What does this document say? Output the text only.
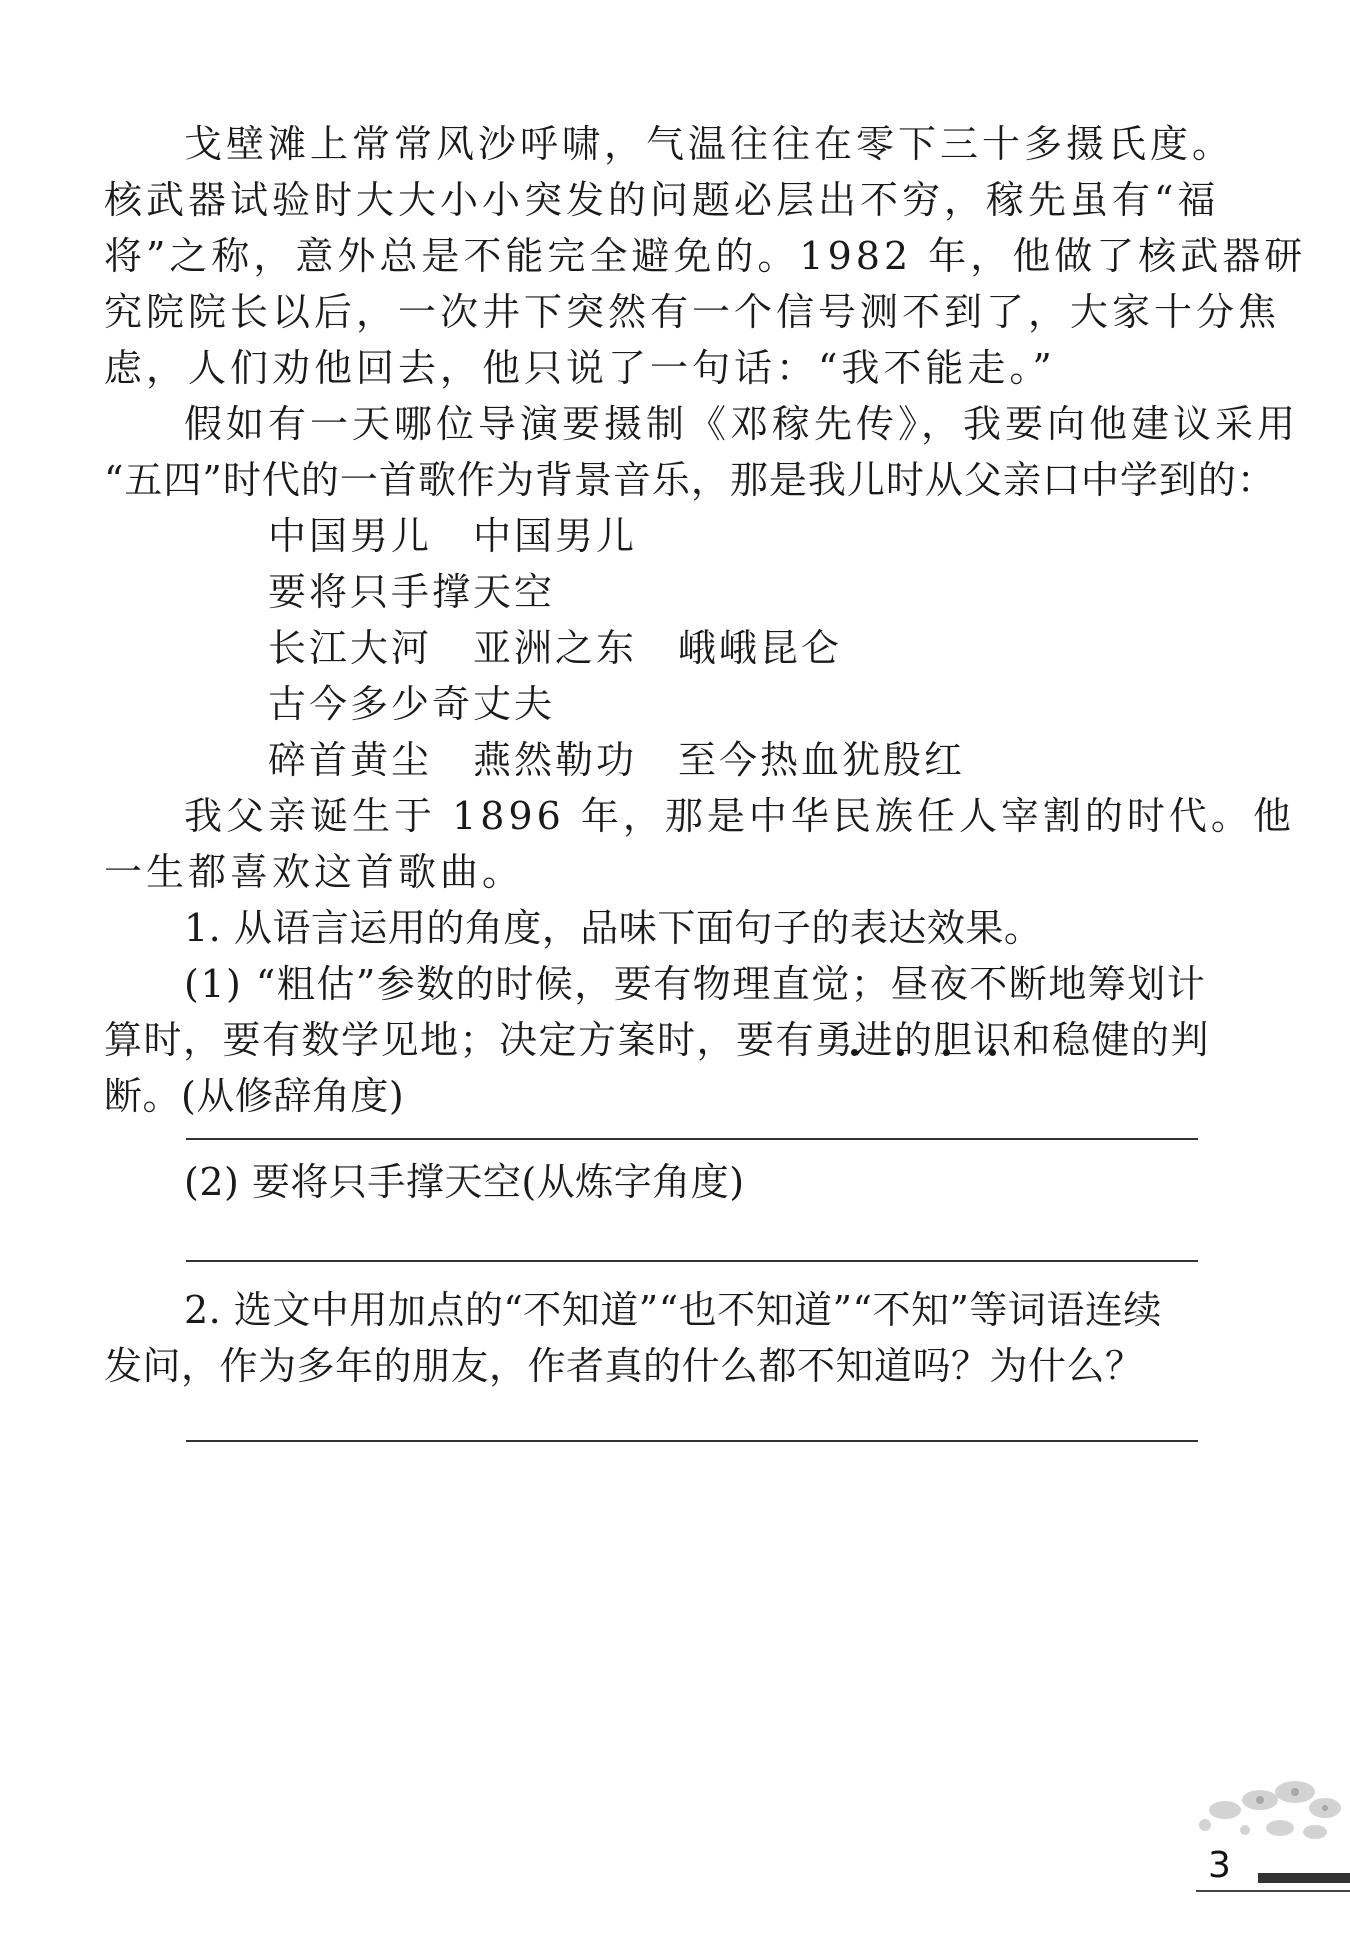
戈壁滩上常常风沙呼啸，气温往往在零下三十多摄氏度。
核武器试验时大大小小突发的问题必层出不穷，稼先虽有“福
将”之称，意外总是不能完全避免的。1982 年，他做了核武器研
究院院长以后，一次井下突然有一个信号测不到了，大家十分焦
虑，人们劝他回去，他只说了一句话：“我不能走。”
假如有一天哪位导演要摄制《邓稼先传》，我要向他建议采用
“五四”时代的一首歌作为背景音乐，那是我儿时从父亲口中学到的：
中国男儿　中国男儿
要将只手撑天空
长江大河　亚洲之东　峨峨昆仑
古今多少奇丈夫
碎首黄尘　燕然勒功　至今热血犹殷红
我父亲诞生于 1896 年，那是中华民族任人宰割的时代。他
一生都喜欢这首歌曲。
1. 从语言运用的角度，品味下面句子的表达效果。
(1) “粗估”参数的时候，要有物理直觉；昼夜不断地筹划计
算时，要有数学见地；决定方案时，要有勇进的胆识和稳健的判
断。(从修辞角度)
(2) 要将只手撑天空(从炼字角度)
2. 选文中用加点的“不知道”“也不知道”“不知”等词语连续
发问，作为多年的朋友，作者真的什么都不知道吗？为什么？
3
